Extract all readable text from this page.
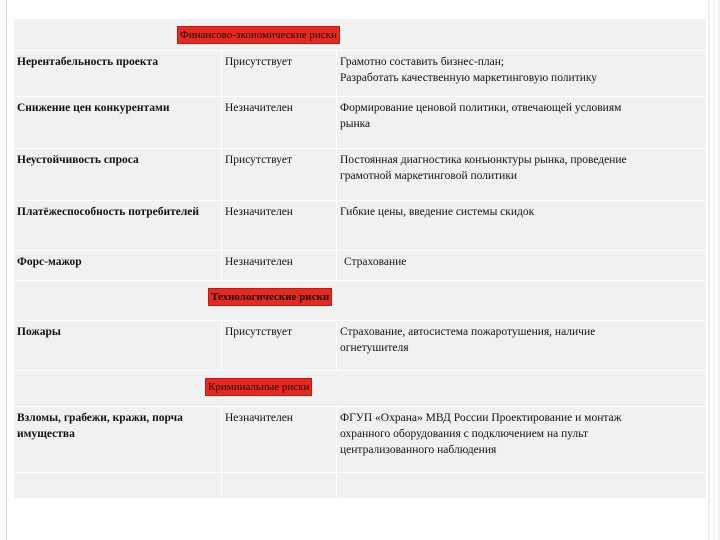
Финансово-экономические риски		
Нерентабельность проекта	Присутствует	Грамотно составить бизнес-план;
Разработать качественную маркетинговую политику

Снижение цен конкурентами	Незначителен	Формирование ценовой политики, отвечающей условиям
рынка

Неустойчивость спроса	Присутствует	Постоянная диагностика конъюнктуры рынка, проведение
грамотной маркетинговой политики

Платёжеспособность потребителей	Незначителен	Гибкие цены, введение системы скидок

Форс-мажор	Незначителен	Страхование

Технологические риски		
Пожары	Присутствует	Страхование, автосистема пожаротушения, наличие
огнетушителя

Криминальные риски		
Взломы, грабежи, кражи, порча имущества	Незначителен	ФГУП «Охрана» МВД России Проектирование и монтаж
охранного оборудования с подключением на пульт
централизованного наблюдения
